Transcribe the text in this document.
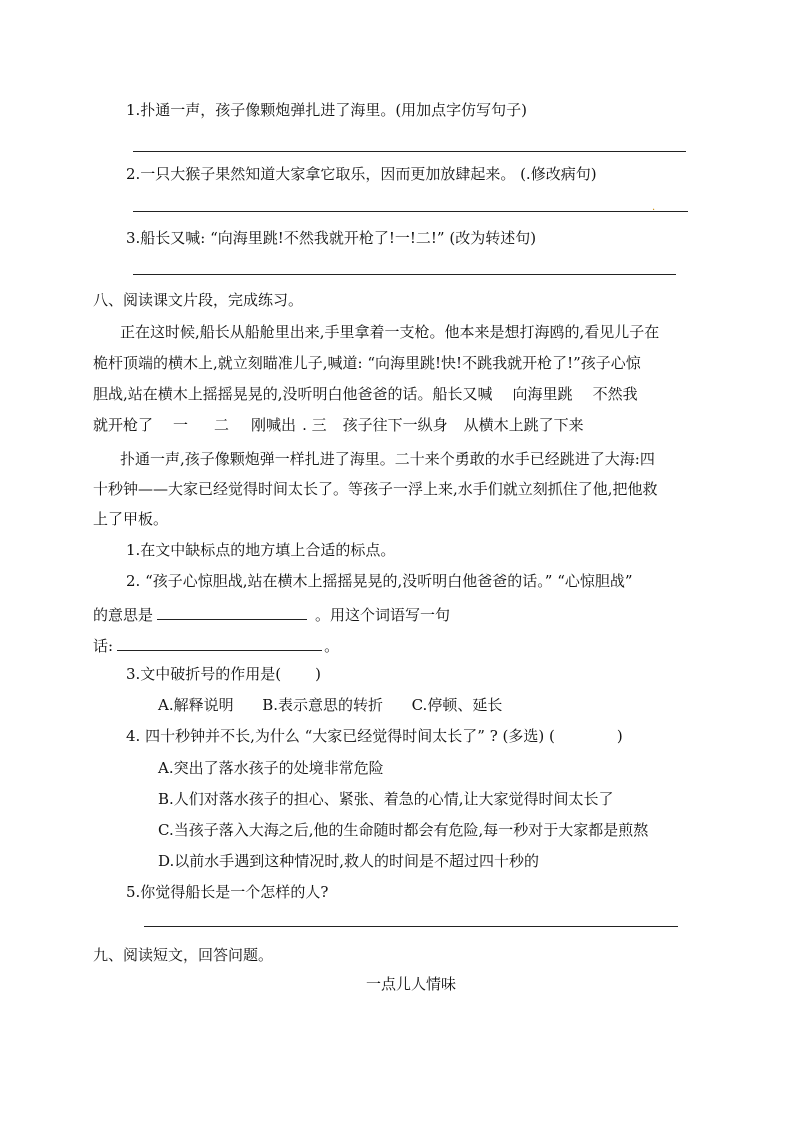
1.扑通一声，孩子像颗炮弹扎进了海里。(用加点字仿写句子)
2.一只大猴子果然知道大家拿它取乐，因而更加放肆起来。 (.修改病句)
.
3.船长又喊: “向海里跳!不然我就开枪了!一!二!” (改为转述句)
八、阅读课文片段，完成练习。
正在这时候,船长从船舱里出来,手里拿着一支枪。他本来是想打海鸥的,看见儿子在
桅杆顶端的横木上,就立刻瞄准儿子,喊道: “向海里跳!快!不跳我就开枪了!”孩子心惊
胆战,站在横木上摇摇晃晃的,没听明白他爸爸的话。船长又喊 向海里跳 不然我
就开枪了 一 二 刚喊出 . 三 孩子往下一纵身 从横木上跳了下来
扑通一声,孩子像颗炮弹一样扎进了海里。二十来个勇敢的水手已经跳进了大海:四
十秒钟——大家已经觉得时间太长了。等孩子一浮上来,水手们就立刻抓住了他,把他救
上了甲板。
1.在文中缺标点的地方填上合适的标点。
2. “孩子心惊胆战,站在横木上摇摇晃晃的,没听明白他爸爸的话。” “心惊胆战”
的意思是	。用这个词语写一句
话:	。
3.文中破折号的作用是( )
A.解释说明      B.表示意思的转折      C.停顿、延长
4. 四十秒钟并不长,为什么 “大家已经觉得时间太长了” ? (多选) (	)
A.突出了落水孩子的处境非常危险
B.人们对落水孩子的担心、紧张、着急的心情,让大家觉得时间太长了
C.当孩子落入大海之后,他的生命随时都会有危险,每一秒对于大家都是煎熬
D.以前水手遇到这种情况时,救人的时间是不超过四十秒的
5.你觉得船长是一个怎样的人?
九、阅读短文，回答问题。
一点儿人情味
